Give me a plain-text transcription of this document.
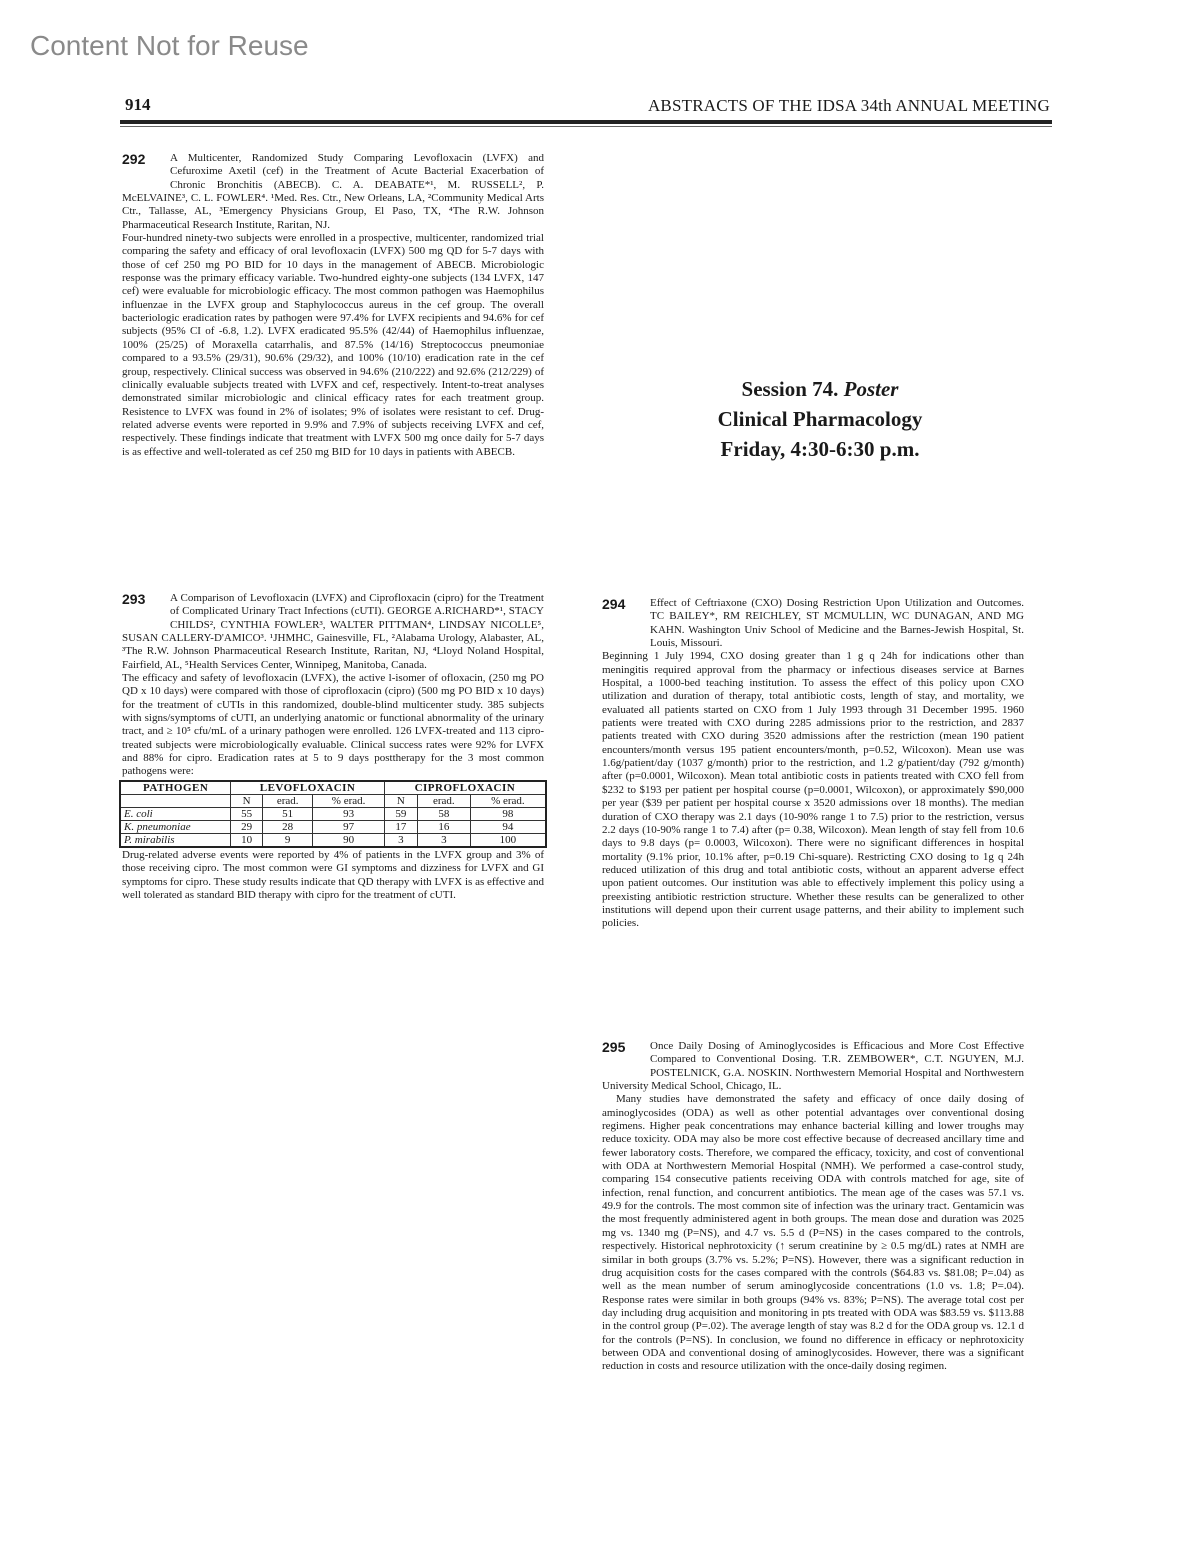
Content Not for Reuse
914	ABSTRACTS OF THE IDSA 34th ANNUAL MEETING
292	A Multicenter, Randomized Study Comparing Levofloxacin (LVFX) and Cefuroxime Axetil (cef) in the Treatment of Acute Bacterial Exacerbation of Chronic Bronchitis (ABECB). C. A. DEABATE*¹, M. RUSSELL², P. McELVAINE³, C. L. FOWLER⁴. ¹Med. Res. Ctr., New Orleans, LA, ²Community Medical Arts Ctr., Tallasse, AL, ³Emergency Physicians Group, El Paso, TX, ⁴The R.W. Johnson Pharmaceutical Research Institute, Raritan, NJ.

Four-hundred ninety-two subjects were enrolled in a prospective, multicenter, randomized trial comparing the safety and efficacy of oral levofloxacin (LVFX) 500 mg QD for 5-7 days with those of cef 250 mg PO BID for 10 days in the management of ABECB. Microbiologic response was the primary efficacy variable. Two-hundred eighty-one subjects (134 LVFX, 147 cef) were evaluable for microbiologic efficacy. The most common pathogen was Haemophilus influenzae in the LVFX group and Staphylococcus aureus in the cef group. The overall bacteriologic eradication rates by pathogen were 97.4% for LVFX recipients and 94.6% for cef subjects (95% CI of -6.8, 1.2). LVFX eradicated 95.5% (42/44) of Haemophilus influenzae, 100% (25/25) of Moraxella catarrhalis, and 87.5% (14/16) Streptococcus pneumoniae compared to a 93.5% (29/31), 90.6% (29/32), and 100% (10/10) eradication rate in the cef group, respectively. Clinical success was observed in 94.6% (210/222) and 92.6% (212/229) of clinically evaluable subjects treated with LVFX and cef, respectively. Intent-to-treat analyses demonstrated similar microbiologic and clinical efficacy rates for each treatment group. Resistence to LVFX was found in 2% of isolates; 9% of isolates were resistant to cef. Drug-related adverse events were reported in 9.9% and 7.9% of subjects receiving LVFX and cef, respectively. These findings indicate that treatment with LVFX 500 mg once daily for 5-7 days is as effective and well-tolerated as cef 250 mg BID for 10 days in patients with ABECB.

Session 74. Poster
Clinical Pharmacology
Friday, 4:30-6:30 p.m.
293	A Comparison of Levofloxacin (LVFX) and Ciprofloxacin (cipro) for the Treatment of Complicated Urinary Tract Infections (cUTI). GEORGE A.RICHARD*¹, STACY CHILDS², CYNTHIA FOWLER³, WALTER PITTMAN⁴, LINDSAY NICOLLE⁵, SUSAN CALLERY-D'AMICO³. ¹JHMHC, Gainesville, FL, ²Alabama Urology, Alabaster, AL, ³The R.W. Johnson Pharmaceutical Research Institute, Raritan, NJ, ⁴Lloyd Noland Hospital, Fairfield, AL, ⁵Health Services Center, Winnipeg, Manitoba, Canada.

The efficacy and safety of levofloxacin (LVFX), the active l-isomer of ofloxacin, (250 mg PO QD x 10 days) were compared with those of ciprofloxacin (cipro) (500 mg PO BID x 10 days) for the treatment of cUTIs in this randomized, double-blind multicenter study. 385 subjects with signs/symptoms of cUTI, an underlying anatomic or functional abnormality of the urinary tract, and ≥ 10⁵ cfu/mL of a urinary pathogen were enrolled. 126 LVFX-treated and 113 cipro-treated subjects were microbiologically evaluable. Clinical success rates were 92% for LVFX and 88% for cipro. Eradication rates at 5 to 9 days posttherapy for the 3 most common pathogens were:

PATHOGEN	LEVOFLOXACIN			CIPROFLOXACIN		
	N	erad.	% erad.	N	erad.	% erad.
E. coli	55	51	93	59	58	98
K. pneumoniae	29	28	97	17	16	94
P. mirabilis	10	9	90	3	3	100

Drug-related adverse events were reported by 4% of patients in the LVFX group and 3% of those receiving cipro. The most common were GI symptoms and dizziness for LVFX and GI symptoms for cipro. These study results indicate that QD therapy with LVFX is as effective and well tolerated as standard BID therapy with cipro for the treatment of cUTI.

294	Effect of Ceftriaxone (CXO) Dosing Restriction Upon Utilization and Outcomes. TC BAILEY*, RM REICHLEY, ST MCMULLIN, WC DUNAGAN, AND MG KAHN. Washington Univ School of Medicine and the Barnes-Jewish Hospital, St. Louis, Missouri.

Beginning 1 July 1994, CXO dosing greater than 1 g q 24h for indications other than meningitis required approval from the pharmacy or infectious diseases service at Barnes Hospital, a 1000-bed teaching institution. To assess the effect of this policy upon CXO utilization and duration of therapy, total antibiotic costs, length of stay, and mortality, we evaluated all patients started on CXO from 1 July 1993 through 31 December 1995. 1960 patients were treated with CXO during 2285 admissions prior to the restriction, and 2837 patients treated with CXO during 3520 admissions after the restriction (mean 190 patient encounters/month versus 195 patient encounters/month, p=0.52, Wilcoxon). Mean use was 1.6g/patient/day (1037 g/month) prior to the restriction, and 1.2 g/patient/day (792 g/month) after (p=0.0001, Wilcoxon). Mean total antibiotic costs in patients treated with CXO fell from $232 to $193 per patient per hospital course (p=0.0001, Wilcoxon), or approximately $90,000 per year ($39 per patient per hospital course x 3520 admissions over 18 months). The median duration of CXO therapy was 2.1 days (10-90% range 1 to 7.5) prior to the restriction, versus 2.2 days (10-90% range 1 to 7.4) after (p= 0.38, Wilcoxon). Mean length of stay fell from 10.6 days to 9.8 days (p= 0.0003, Wilcoxon). There were no significant differences in hospital mortality (9.1% prior, 10.1% after, p=0.19 Chi-square). Restricting CXO dosing to 1g q 24h reduced utilization of this drug and total antibiotic costs, without an apparent adverse effect upon patient outcomes. Our institution was able to effectively implement this policy using a preexisting antibiotic restriction structure. Whether these results can be generalized to other institutions will depend upon their current usage patterns, and their ability to implement such policies.

295	Once Daily Dosing of Aminoglycosides is Efficacious and More Cost Effective Compared to Conventional Dosing. T.R. ZEMBOWER*, C.T. NGUYEN, M.J. POSTELNICK, G.A. NOSKIN. Northwestern Memorial Hospital and Northwestern University Medical School, Chicago, IL.

Many studies have demonstrated the safety and efficacy of once daily dosing of aminoglycosides (ODA) as well as other potential advantages over conventional dosing regimens. Higher peak concentrations may enhance bacterial killing and lower troughs may reduce toxicity. ODA may also be more cost effective because of decreased ancillary time and fewer laboratory costs. Therefore, we compared the efficacy, toxicity, and cost of conventional with ODA at Northwestern Memorial Hospital (NMH). We performed a case-control study, comparing 154 consecutive patients receiving ODA with controls matched for age, site of infection, renal function, and concurrent antibiotics. The mean age of the cases was 57.1 vs. 49.9 for the controls. The most common site of infection was the urinary tract. Gentamicin was the most frequently administered agent in both groups. The mean dose and duration was 2025 mg vs. 1340 mg (P=NS), and 4.7 vs. 5.5 d (P=NS) in the cases compared to the controls, respectively. Historical nephrotoxicity (↑ serum creatinine by ≥ 0.5 mg/dL) rates at NMH are similar in both groups (3.7% vs. 5.2%; P=NS). However, there was a significant reduction in drug acquisition costs for the cases compared with the controls ($64.83 vs. $81.08; P=.04) as well as the mean number of serum aminoglycoside concentrations (1.0 vs. 1.8; P=.04). Response rates were similar in both groups (94% vs. 83%; P=NS). The average total cost per day including drug acquisition and monitoring in pts treated with ODA was $83.59 vs. $113.88 in the control group (P=.02). The average length of stay was 8.2 d for the ODA group vs. 12.1 d for the controls (P=NS). In conclusion, we found no difference in efficacy or nephrotoxicity between ODA and conventional dosing of aminoglycosides. However, there was a significant reduction in costs and resource utilization with the once-daily dosing regimen.
